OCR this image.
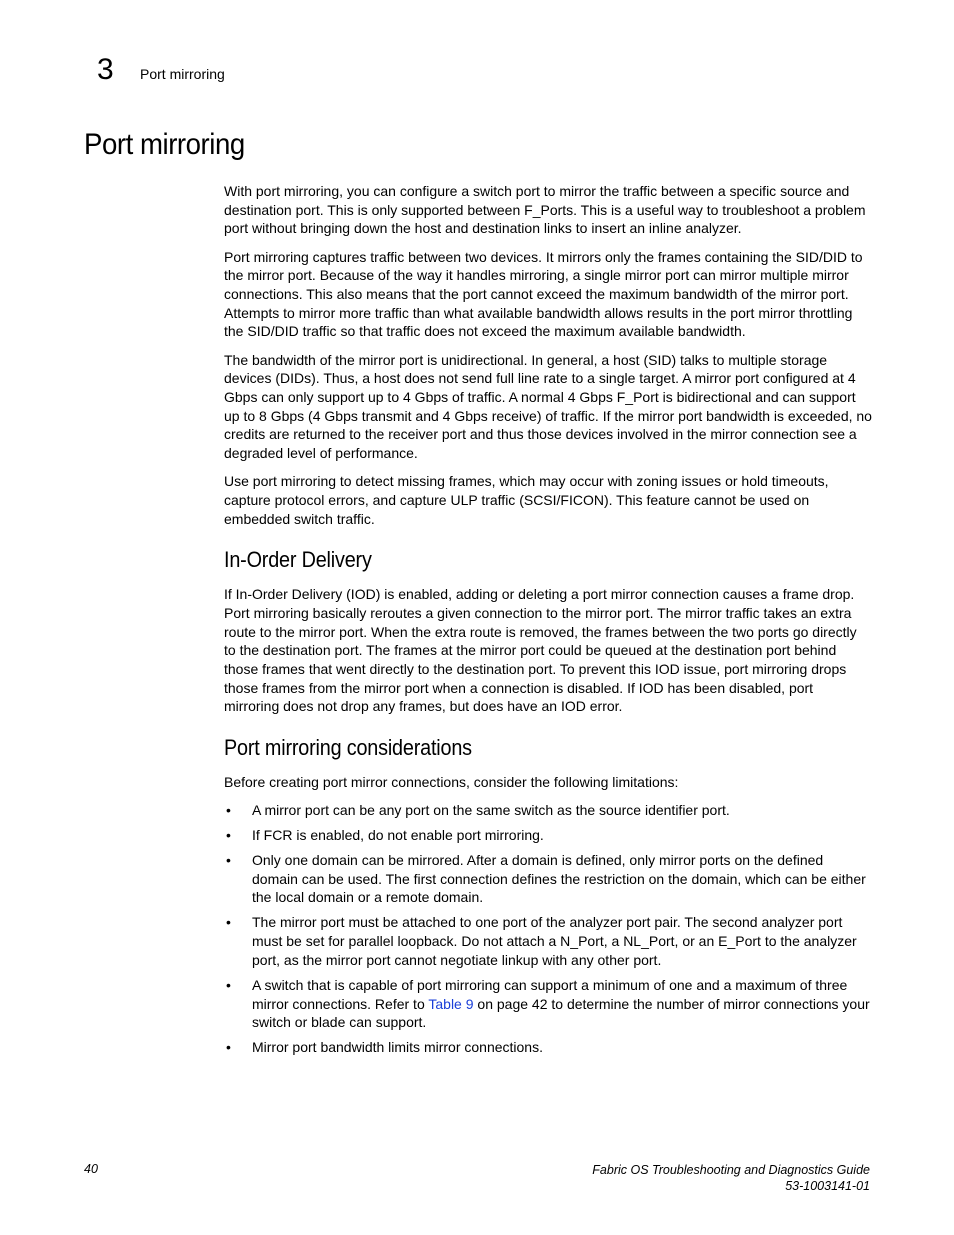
3 Port mirroring
Port mirroring

With port mirroring, you can configure a switch port to mirror the traffic between a specific source and destination port. This is only supported between F_Ports. This is a useful way to troubleshoot a problem port without bringing down the host and destination links to insert an inline analyzer.

Port mirroring captures traffic between two devices. It mirrors only the frames containing the SID/DID to the mirror port. Because of the way it handles mirroring, a single mirror port can mirror multiple mirror connections. This also means that the port cannot exceed the maximum bandwidth of the mirror port. Attempts to mirror more traffic than what available bandwidth allows results in the port mirror throttling the SID/DID traffic so that traffic does not exceed the maximum available bandwidth.

The bandwidth of the mirror port is unidirectional. In general, a host (SID) talks to multiple storage devices (DIDs). Thus, a host does not send full line rate to a single target. A mirror port configured at 4 Gbps can only support up to 4 Gbps of traffic. A normal 4 Gbps F_Port is bidirectional and can support up to 8 Gbps (4 Gbps transmit and 4 Gbps receive) of traffic. If the mirror port bandwidth is exceeded, no credits are returned to the receiver port and thus those devices involved in the mirror connection see a degraded level of performance.

Use port mirroring to detect missing frames, which may occur with zoning issues or hold timeouts, capture protocol errors, and capture ULP traffic (SCSI/FICON). This feature cannot be used on embedded switch traffic.

In-Order Delivery

If In-Order Delivery (IOD) is enabled, adding or deleting a port mirror connection causes a frame drop. Port mirroring basically reroutes a given connection to the mirror port. The mirror traffic takes an extra route to the mirror port. When the extra route is removed, the frames between the two ports go directly to the destination port. The frames at the mirror port could be queued at the destination port behind those frames that went directly to the destination port. To prevent this IOD issue, port mirroring drops those frames from the mirror port when a connection is disabled. If IOD has been disabled, port mirroring does not drop any frames, but does have an IOD error.

Port mirroring considerations

Before creating port mirror connections, consider the following limitations:

• A mirror port can be any port on the same switch as the source identifier port.
• If FCR is enabled, do not enable port mirroring.
• Only one domain can be mirrored. After a domain is defined, only mirror ports on the defined domain can be used. The first connection defines the restriction on the domain, which can be either the local domain or a remote domain.
• The mirror port must be attached to one port of the analyzer port pair. The second analyzer port must be set for parallel loopback. Do not attach a N_Port, a NL_Port, or an E_Port to the analyzer port, as the mirror port cannot negotiate linkup with any other port.
• A switch that is capable of port mirroring can support a minimum of one and a maximum of three mirror connections. Refer to Table 9 on page 42 to determine the number of mirror connections your switch or blade can support.
• Mirror port bandwidth limits mirror connections.
40	Fabric OS Troubleshooting and Diagnostics Guide
53-1003141-01
